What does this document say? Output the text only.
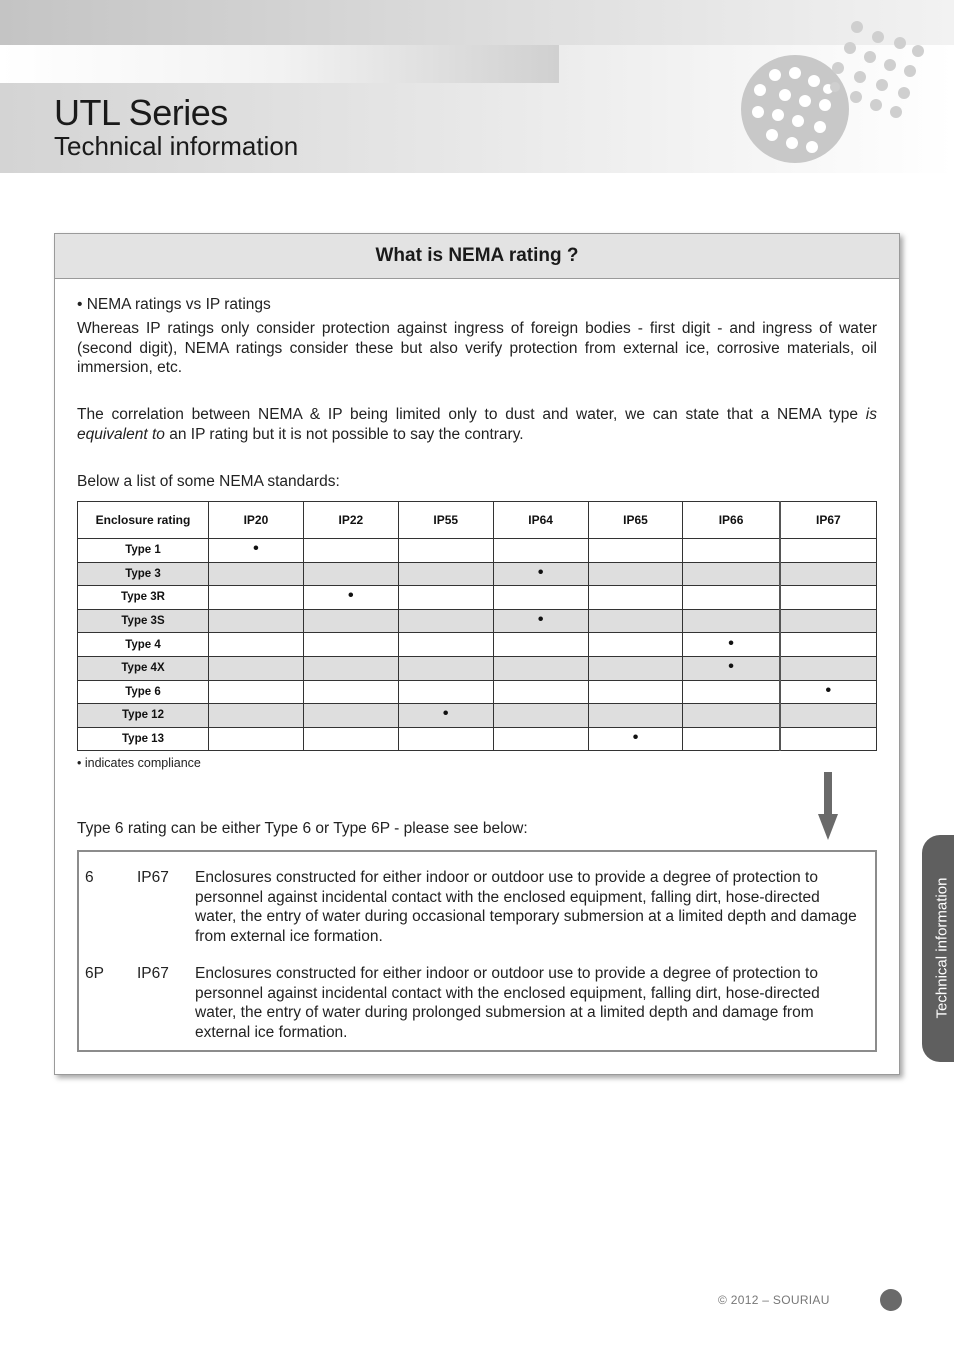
UTL Series
Technical information
What is NEMA rating ?
• NEMA ratings vs IP ratings
Whereas IP ratings only consider protection against ingress of foreign bodies - first digit - and ingress of water (second digit), NEMA ratings consider these but also verify protection from external ice, corrosive materials, oil immersion, etc.
The correlation between NEMA & IP being limited only to dust and water, we can state that a NEMA type is equivalent to an IP rating but it is not possible to say the contrary.
Below a list of some NEMA standards:
Enclosure rating	IP20	IP22	IP55	IP64	IP65	IP66	IP67
Type 1	•						
Type 3				•			
Type 3R		•					
Type 3S				•			
Type 4						•	
Type 4X						•	
Type 6							•
Type 12			•				
Type 13					•		
• indicates compliance
Type 6 rating can be either Type 6 or Type 6P - please see below:
6	IP67 Enclosures constructed for either indoor or outdoor use to provide a degree of protection to personnel against incidental contact with the enclosed equipment, falling dirt, hose-directed water, the entry of water during occasional temporary submersion at a limited depth and damage from external ice formation.
6P IP67 Enclosures constructed for either indoor or outdoor use to provide a degree of protection to personnel against incidental contact with the enclosed equipment, falling dirt, hose-directed water, the entry of water during prolonged submersion at a limited depth and damage from external ice formation.
Technical information
© 2012 – SOURIAU
